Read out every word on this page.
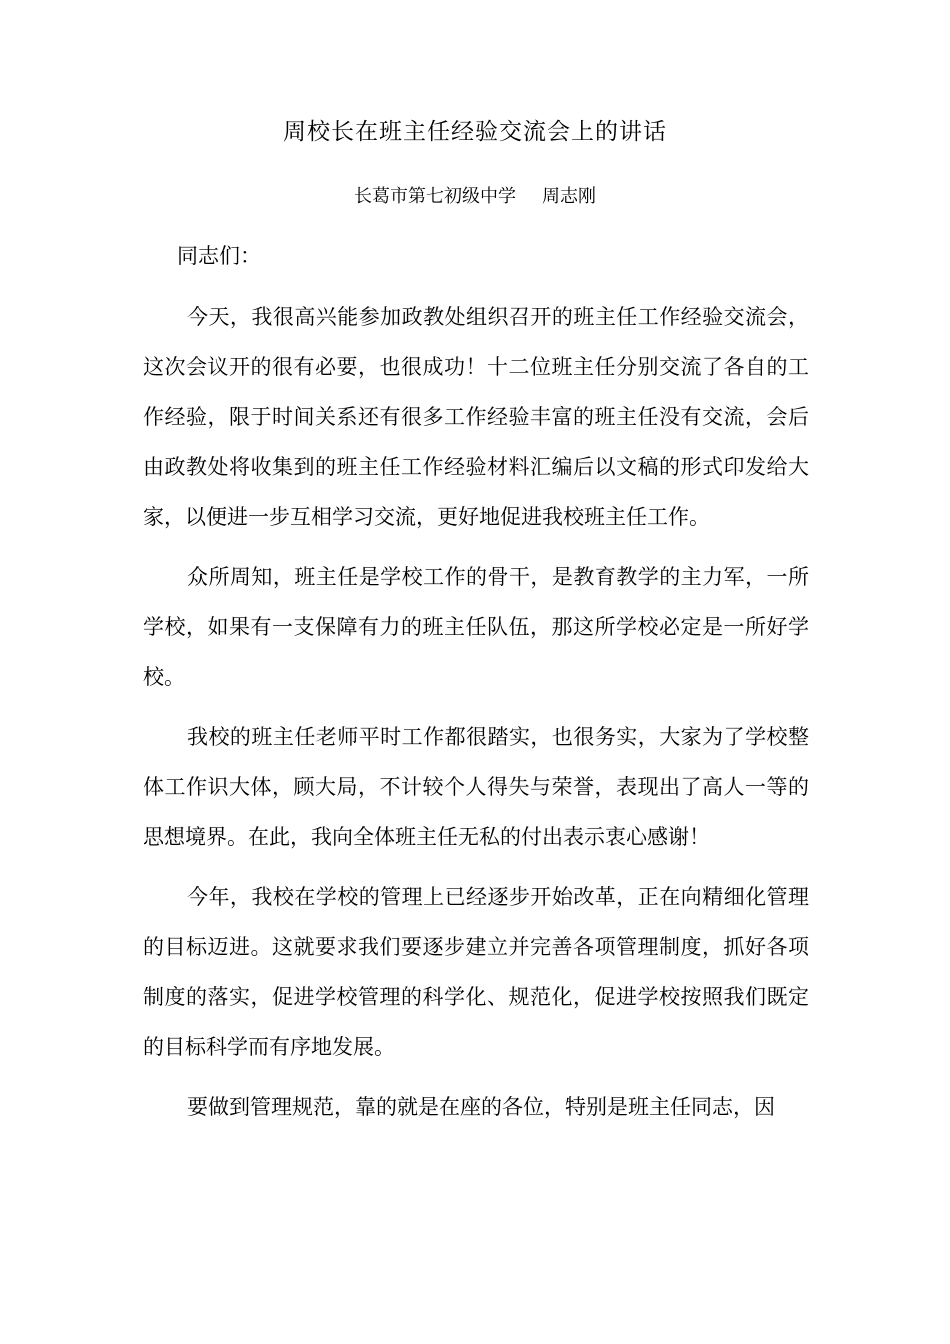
周校长在班主任经验交流会上的讲话
长葛市第七初级中学 周志刚
同志们：

今天，我很高兴能参加政教处组织召开的班主任工作经验交流会，这次会议开的很有必要，也很成功！十二位班主任分别交流了各自的工作经验，限于时间关系还有很多工作经验丰富的班主任没有交流，会后由政教处将收集到的班主任工作经验材料汇编后以文稿的形式印发给大家，以便进一步互相学习交流，更好地促进我校班主任工作。

众所周知，班主任是学校工作的骨干，是教育教学的主力军，一所学校，如果有一支保障有力的班主任队伍，那这所学校必定是一所好学校。

我校的班主任老师平时工作都很踏实，也很务实，大家为了学校整体工作识大体，顾大局，不计较个人得失与荣誉，表现出了高人一等的思想境界。在此，我向全体班主任无私的付出表示衷心感谢！

今年，我校在学校的管理上已经逐步开始改革，正在向精细化管理的目标迈进。这就要求我们要逐步建立并完善各项管理制度，抓好各项制度的落实，促进学校管理的科学化、规范化，促进学校按照我们既定的目标科学而有序地发展。

要做到管理规范，靠的就是在座的各位，特别是班主任同志，因
